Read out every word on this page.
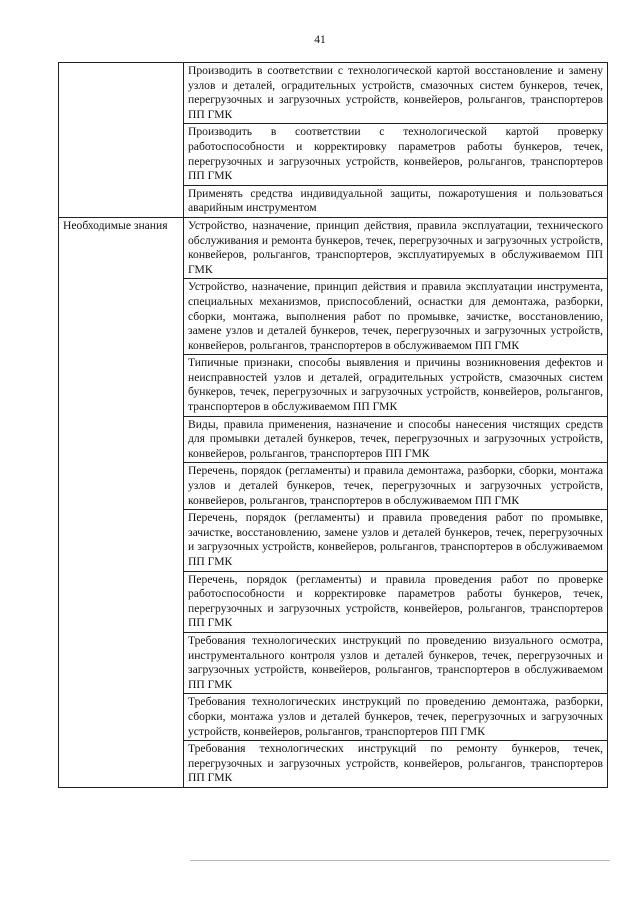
41
	Производить в соответствии с технологической картой восстановление и замену узлов и деталей, оградительных устройств, смазочных систем бункеров, течек, перегрузочных и загрузочных устройств, конвейеров, рольгангов, транспортеров ПП ГМК
	Производить в соответствии с технологической картой проверку работоспособности и корректировку параметров работы бункеров, течек, перегрузочных и загрузочных устройств, конвейеров, рольгангов, транспортеров ПП ГМК
	Применять средства индивидуальной защиты, пожаротушения и пользоваться аварийным инструментом
Необходимые знания	Устройство, назначение, принцип действия, правила эксплуатации, технического обслуживания и ремонта бункеров, течек, перегрузочных и загрузочных устройств, конвейеров, рольгангов, транспортеров, эксплуатируемых в обслуживаемом ПП ГМК
	Устройство, назначение, принцип действия и правила эксплуатации инструмента, специальных механизмов, приспособлений, оснастки для демонтажа, разборки, сборки, монтажа, выполнения работ по промывке, зачистке, восстановлению, замене узлов и деталей бункеров, течек, перегрузочных и загрузочных устройств, конвейеров, рольгангов, транспортеров в обслуживаемом ПП ГМК
	Типичные признаки, способы выявления и причины возникновения дефектов и неисправностей узлов и деталей, оградительных устройств, смазочных систем бункеров, течек, перегрузочных и загрузочных устройств, конвейеров, рольгангов, транспортеров в обслуживаемом ПП ГМК
	Виды, правила применения, назначение и способы нанесения чистящих средств для промывки деталей бункеров, течек, перегрузочных и загрузочных устройств, конвейеров, рольгангов, транспортеров ПП ГМК
	Перечень, порядок (регламенты) и правила демонтажа, разборки, сборки, монтажа узлов и деталей бункеров, течек, перегрузочных и загрузочных устройств, конвейеров, рольгангов, транспортеров в обслуживаемом ПП ГМК
	Перечень, порядок (регламенты) и правила проведения работ по промывке, зачистке, восстановлению, замене узлов и деталей бункеров, течек, перегрузочных и загрузочных устройств, конвейеров, рольгангов, транспортеров в обслуживаемом ПП ГМК
	Перечень, порядок (регламенты) и правила проведения работ по проверке работоспособности и корректировке параметров работы бункеров, течек, перегрузочных и загрузочных устройств, конвейеров, рольгангов, транспортеров ПП ГМК
	Требования технологических инструкций по проведению визуального осмотра, инструментального контроля узлов и деталей бункеров, течек, перегрузочных и загрузочных устройств, конвейеров, рольгангов, транспортеров в обслуживаемом ПП ГМК
	Требования технологических инструкций по проведению демонтажа, разборки, сборки, монтажа узлов и деталей бункеров, течек, перегрузочных и загрузочных устройств, конвейеров, рольгангов, транспортеров ПП ГМК
	Требования технологических инструкций по ремонту бункеров, течек, перегрузочных и загрузочных устройств, конвейеров, рольгангов, транспортеров ПП ГМК
